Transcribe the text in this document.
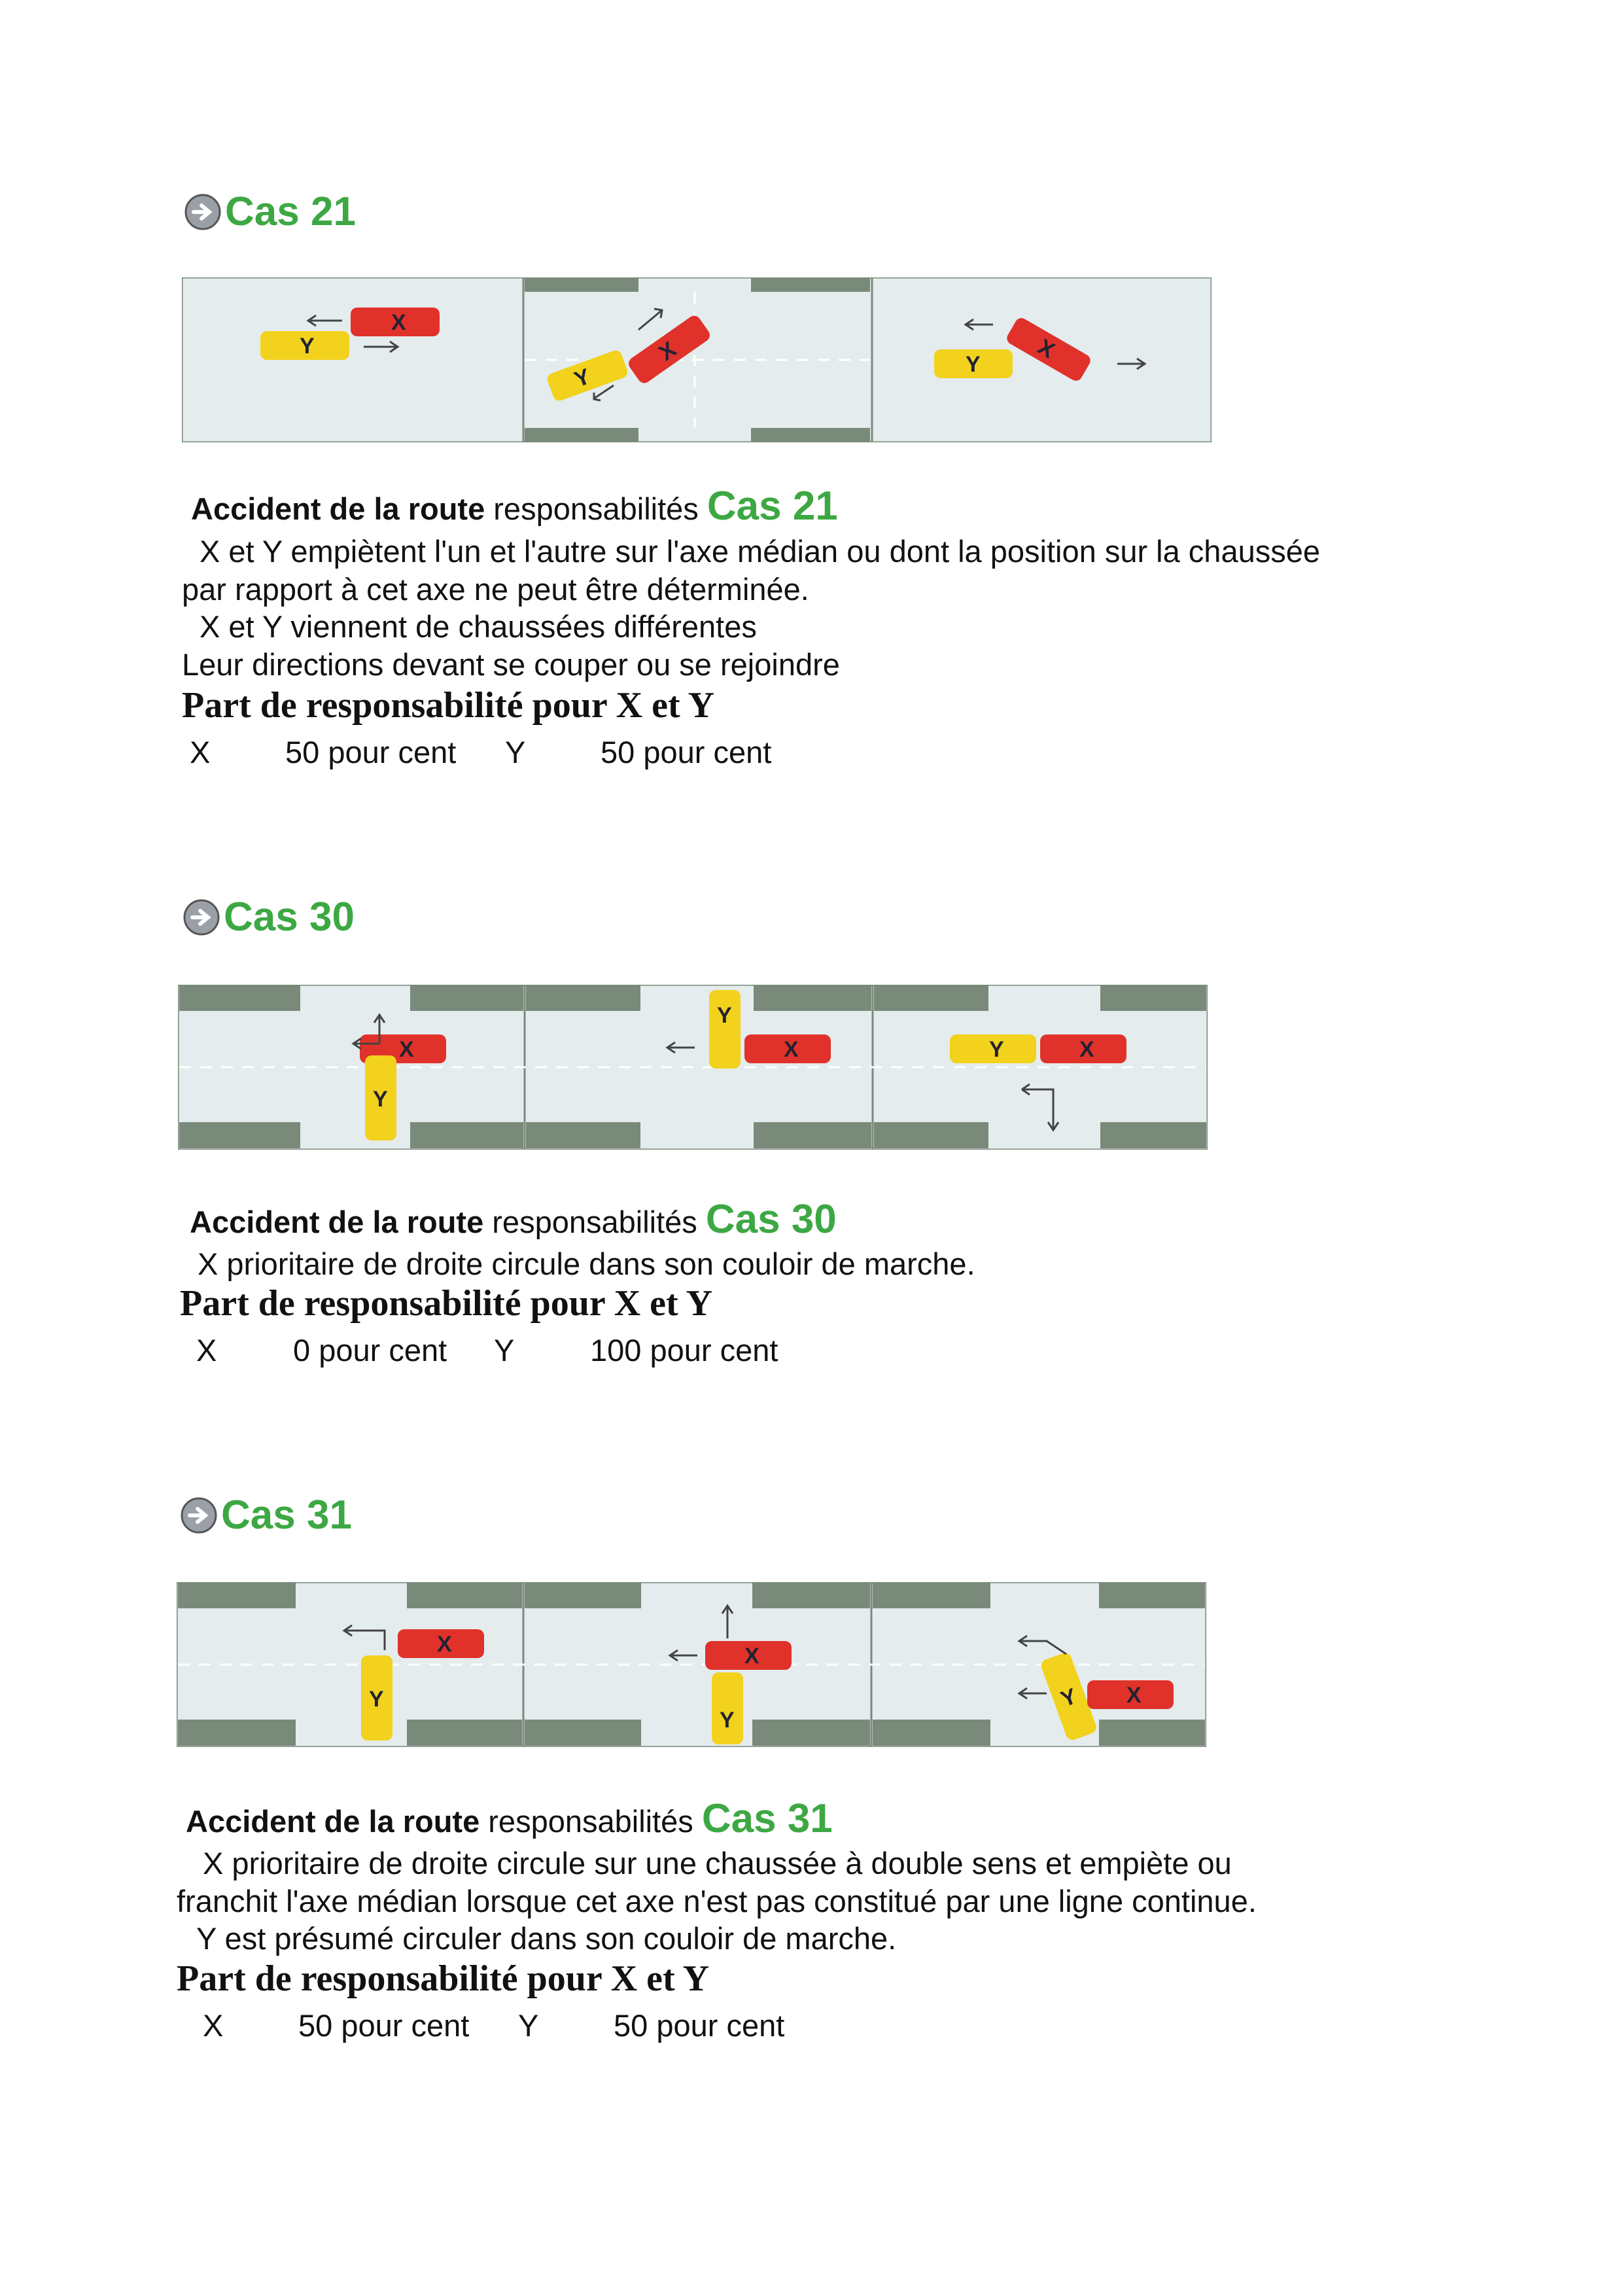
Cas 21
Y
X
Y
X	Y
X
Accident de la route responsabilités Cas 21
X et Y empiètent l'un et l'autre sur l'axe médian ou dont la position sur la chaussée
par rapport à cet axe ne peut être déterminée.
X et Y viennent de chaussées différentes
Leur directions devant se couper ou se rejoindre
Part de responsabilité pour X et Y
X 50 pour cent Y 50 pour cent
Cas 30
X
Y
Y
X	Y	X
Accident de la route responsabilités Cas 30
X prioritaire de droite circule dans son couloir de marche.
Part de responsabilité pour X et Y
X 0 pour cent Y 100 pour cent
Cas 31
X
Y
X
Y
Y X
Accident de la route responsabilités Cas 31
X prioritaire de droite circule sur une chaussée à double sens et empiète ou
franchit l'axe médian lorsque cet axe n'est pas constitué par une ligne continue.
Y est présumé circuler dans son couloir de marche.
Part de responsabilité pour X et Y
X 50 pour cent Y 50 pour cent
